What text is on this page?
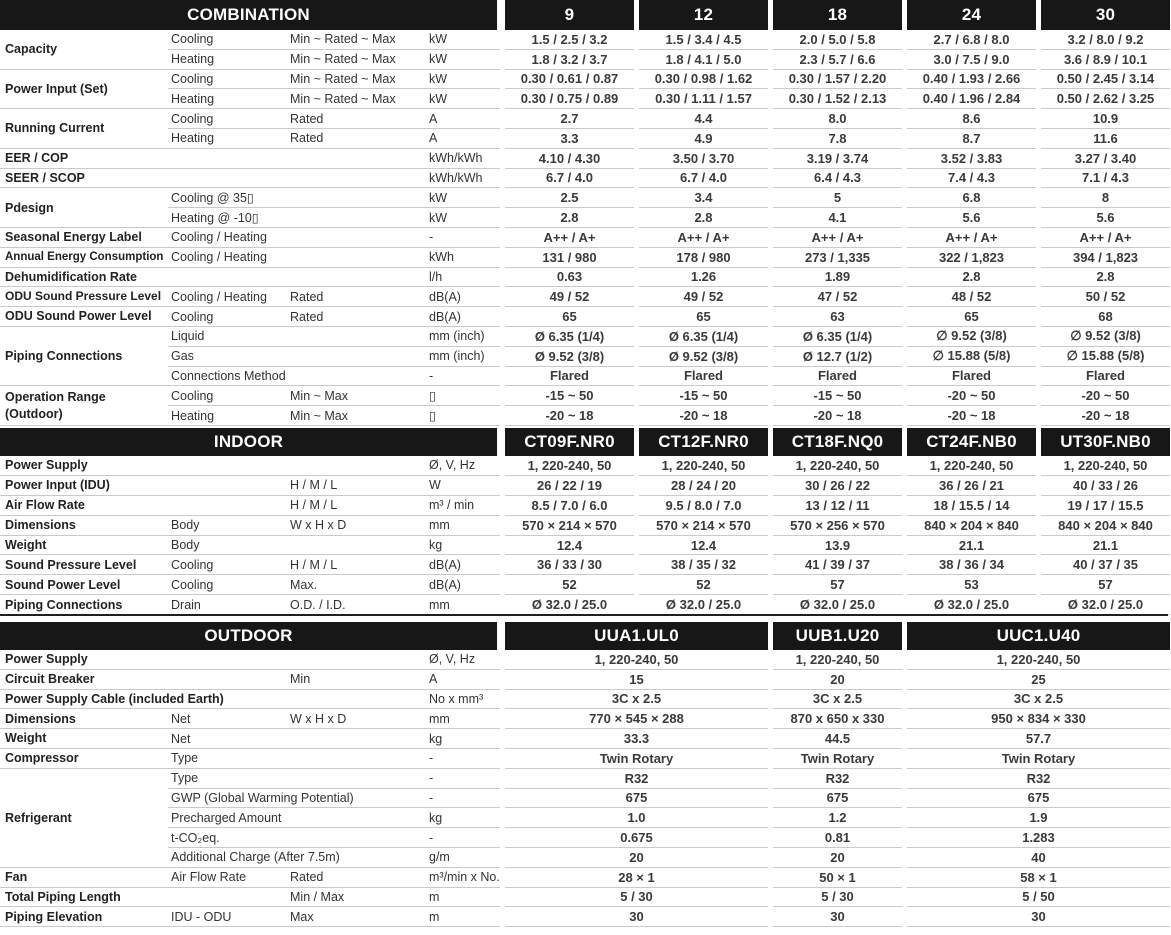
COMBINATION	9	12	18	24	30
Capacity
Cooling	Min ~ Rated ~ Max	kW	1.5 / 2.5 / 3.2	1.5 / 3.4 / 4.5	2.0 / 5.0 / 5.8	2.7 / 6.8 / 8.0	3.2 / 8.0 / 9.2
Heating	Min ~ Rated ~ Max	kW	1.8 / 3.2 / 3.7	1.8 / 4.1 / 5.0	2.3 / 5.7 / 6.6	3.0 / 7.5 / 9.0	3.6 / 8.9 / 10.1
Power Input (Set)
Cooling	Min ~ Rated ~ Max	kW	0.30 / 0.61 / 0.87	0.30 / 0.98 / 1.62	0.30 / 1.57 / 2.20	0.40 / 1.93 / 2.66	0.50 / 2.45 / 3.14
Heating	Min ~ Rated ~ Max	kW	0.30 / 0.75 / 0.89	0.30 / 1.11 / 1.57	0.30 / 1.52 / 2.13	0.40 / 1.96 / 2.84	0.50 / 2.62 / 3.25
Running Current
Cooling	Rated	A	2.7	4.4	8.0	8.6	10.9
Heating	Rated	A	3.3	4.9	7.8	8.7	11.6
EER / COP	kWh/kWh	4.10 / 4.30	3.50 / 3.70	3.19 / 3.74	3.52 / 3.83	3.27 / 3.40
SEER / SCOP	kWh/kWh	6.7 / 4.0	6.7 / 4.0	6.4 / 4.3	7.4 / 4.3	7.1 / 4.3
Pdesign
Cooling @ 35▯	kW	2.5	3.4	5	6.8	8
Heating @ -10▯	kW	2.8	2.8	4.1	5.6	5.6
Seasonal Energy Label	Cooling / Heating	-	A++ / A+	A++ / A+	A++ / A+	A++ / A+	A++ / A+
Annual Energy Consumption Cooling / Heating	kWh	131 / 980	178 / 980	273 / 1,335	322 / 1,823	394 / 1,823
Dehumidification Rate	l/h	0.63	1.26	1.89	2.8	2.8
ODU Sound Pressure Level Cooling / Heating	Rated	dB(A)	49 / 52	49 / 52	47 / 52	48 / 52	50 / 52
ODU Sound Power Level	Cooling	Rated	dB(A)	65	65	63	65	68
Piping Connections
Liquid	mm (inch)	Ø 6.35 (1/4)	Ø 6.35 (1/4)	Ø 6.35 (1/4)	∅ 9.52 (3/8)	∅ 9.52 (3/8)
Gas	mm (inch)	Ø 9.52 (3/8)	Ø 9.52 (3/8)	Ø 12.7 (1/2)	∅ 15.88 (5/8)	∅ 15.88 (5/8)
Connections Method	-	Flared	Flared	Flared	Flared	Flared
Operation Range
(Outdoor)
Cooling	Min ~ Max	▯	-15 ~ 50	-15 ~ 50	-15 ~ 50	-20 ~ 50	-20 ~ 50
Heating	Min ~ Max	▯	-20 ~ 18	-20 ~ 18	-20 ~ 18	-20 ~ 18	-20 ~ 18
INDOOR	CT09F.NR0	CT12F.NR0	CT18F.NQ0	CT24F.NB0	UT30F.NB0
Power Supply	Ø, V, Hz	1, 220-240, 50	1, 220-240, 50	1, 220-240, 50	1, 220-240, 50	1, 220-240, 50
Power Input (IDU)	H / M / L	W	26 / 22 / 19	28 / 24 / 20	30 / 26 / 22	36 / 26 / 21	40 / 33 / 26
Air Flow Rate	H / M / L	m³ / min	8.5 / 7.0 / 6.0	9.5 / 8.0 / 7.0	13 / 12 / 11	18 / 15.5 / 14	19 / 17 / 15.5
Dimensions	Body	W x H x D	mm	570 × 214 × 570	570 × 214 × 570	570 × 256 × 570	840 × 204 × 840	840 × 204 × 840
Weight	Body	kg	12.4	12.4	13.9	21.1	21.1
Sound Pressure Level	Cooling	H / M / L	dB(A)	36 / 33 / 30	38 / 35 / 32	41 / 39 / 37	38 / 36 / 34	40 / 37 / 35
Sound Power Level	Cooling	Max.	dB(A)	52	52	57	53	57
Piping Connections	Drain	O.D. / I.D.	mm	Ø 32.0 / 25.0	Ø 32.0 / 25.0	Ø 32.0 / 25.0	Ø 32.0 / 25.0	Ø 32.0 / 25.0
OUTDOOR	UUA1.UL0	UUB1.U20	UUC1.U40
Power Supply	Ø, V, Hz	1, 220-240, 50	1, 220-240, 50	1, 220-240, 50
Circuit Breaker	Min	A	15	20	25
Power Supply Cable (included Earth)	No x mm³	3C x 2.5	3C x 2.5	3C x 2.5
Dimensions	Net	W x H x D	mm	770 × 545 × 288	870 x 650 x 330	950 × 834 × 330
Weight	Net	kg	33.3	44.5	57.7
Compressor	Type	-	Twin Rotary	Twin Rotary	Twin Rotary
Refrigerant
Type	-	R32	R32	R32
GWP (Global Warming Potential)	-	675	675	675
Precharged Amount	kg	1.0	1.2	1.9
t-CO₂eq.	-	0.675	0.81	1.283
Additional Charge (After 7.5m)	g/m	20	20	40
Fan	Air Flow Rate	Rated	m³/min x No.	28 × 1	50 × 1	58 × 1
Total Piping Length	Min / Max	m	5 / 30	5 / 30	5 / 50
Piping Elevation	IDU - ODU	Max	m	30	30	30
